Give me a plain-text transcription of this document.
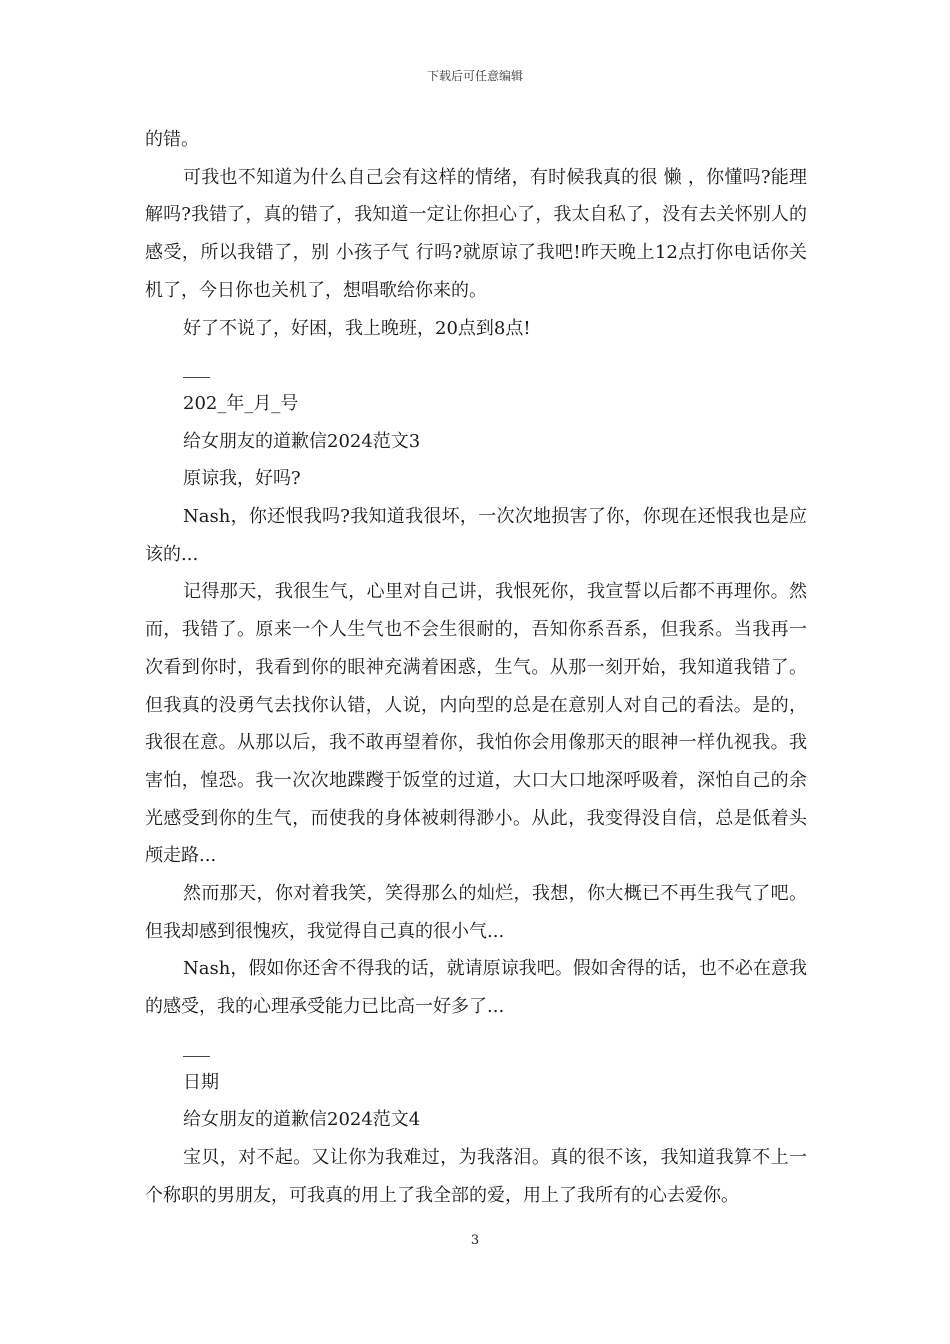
下载后可任意编辑

的错。

可我也不知道为什么自己会有这样的情绪，有时候我真的很 懒 ，你懂吗?能理解吗?我错了，真的错了，我知道一定让你担心了，我太自私了，没有去关怀别人的感受，所以我错了，别 小孩子气 行吗?就原谅了我吧!昨天晚上12点打你电话你关机了，今日你也关机了，想唱歌给你来的。

好了不说了，好困，我上晚班，20点到8点!

202_年_月_号

给女朋友的道歉信2024范文3

原谅我，好吗?

Nash，你还恨我吗?我知道我很坏，一次次地损害了你，你现在还恨我也是应该的...

记得那天，我很生气，心里对自己讲，我恨死你，我宣誓以后都不再理你。然而，我错了。原来一个人生气也不会生很耐的，吾知你系吾系，但我系。当我再一次看到你时，我看到你的眼神充满着困惑，生气。从那一刻开始，我知道我错了。但我真的没勇气去找你认错，人说，内向型的总是在意别人对自己的看法。是的，我很在意。从那以后，我不敢再望着你，我怕你会用像那天的眼神一样仇视我。我害怕，惶恐。我一次次地蹀躞于饭堂的过道，大口大口地深呼吸着，深怕自己的余光感受到你的生气，而使我的身体被刺得渺小。从此，我变得没自信，总是低着头颅走路...

然而那天，你对着我笑，笑得那么的灿烂，我想，你大概已不再生我气了吧。但我却感到很愧疚，我觉得自己真的很小气...

Nash，假如你还舍不得我的话，就请原谅我吧。假如舍得的话，也不必在意我的感受，我的心理承受能力已比高一好多了...

日期

给女朋友的道歉信2024范文4

宝贝，对不起。又让你为我难过，为我落泪。真的很不该，我知道我算不上一个称职的男朋友，可我真的用上了我全部的爱，用上了我所有的心去爱你。

3
